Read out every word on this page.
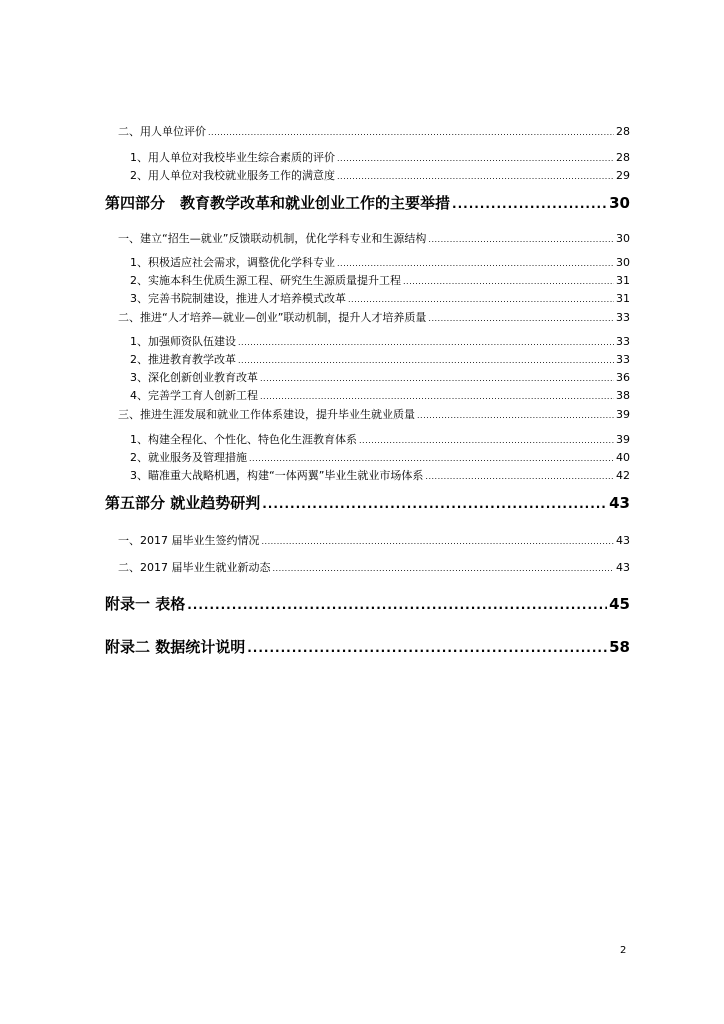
二、用人单位评价 .....	28
1、用人单位对我校毕业生综合素质的评价 .....	28
2、用人单位对我校就业服务工作的满意度 .....	29
第四部分　教育教学改革和就业创业工作的主要举措 .....	30
一、建立“招生—就业”反馈联动机制，优化学科专业和生源结构 .....	30
1、积极适应社会需求，调整优化学科专业 .....	30
2、实施本科生优质生源工程、研究生生源质量提升工程 .....	31
3、完善书院制建设，推进人才培养模式改革 .....	31
二、推进“人才培养—就业—创业”联动机制，提升人才培养质量 .....	33
1、加强师资队伍建设 .....	33
2、推进教育教学改革 .....	33
3、深化创新创业教育改革 .....	36
4、完善学工育人创新工程 .....	38
三、推进生涯发展和就业工作体系建设，提升毕业生就业质量 .....	39
1、构建全程化、个性化、特色化生涯教育体系 .....	39
2、就业服务及管理措施 .....	40
3、瞄准重大战略机遇，构建“一体两翼”毕业生就业市场体系 .....	42
第五部分 就业趋势研判 .....	43
一、2017 届毕业生签约情况 .....	43
二、2017 届毕业生就业新动态 .....	43
附录一 表格 .....	45
附录二 数据统计说明 .....	58
2
